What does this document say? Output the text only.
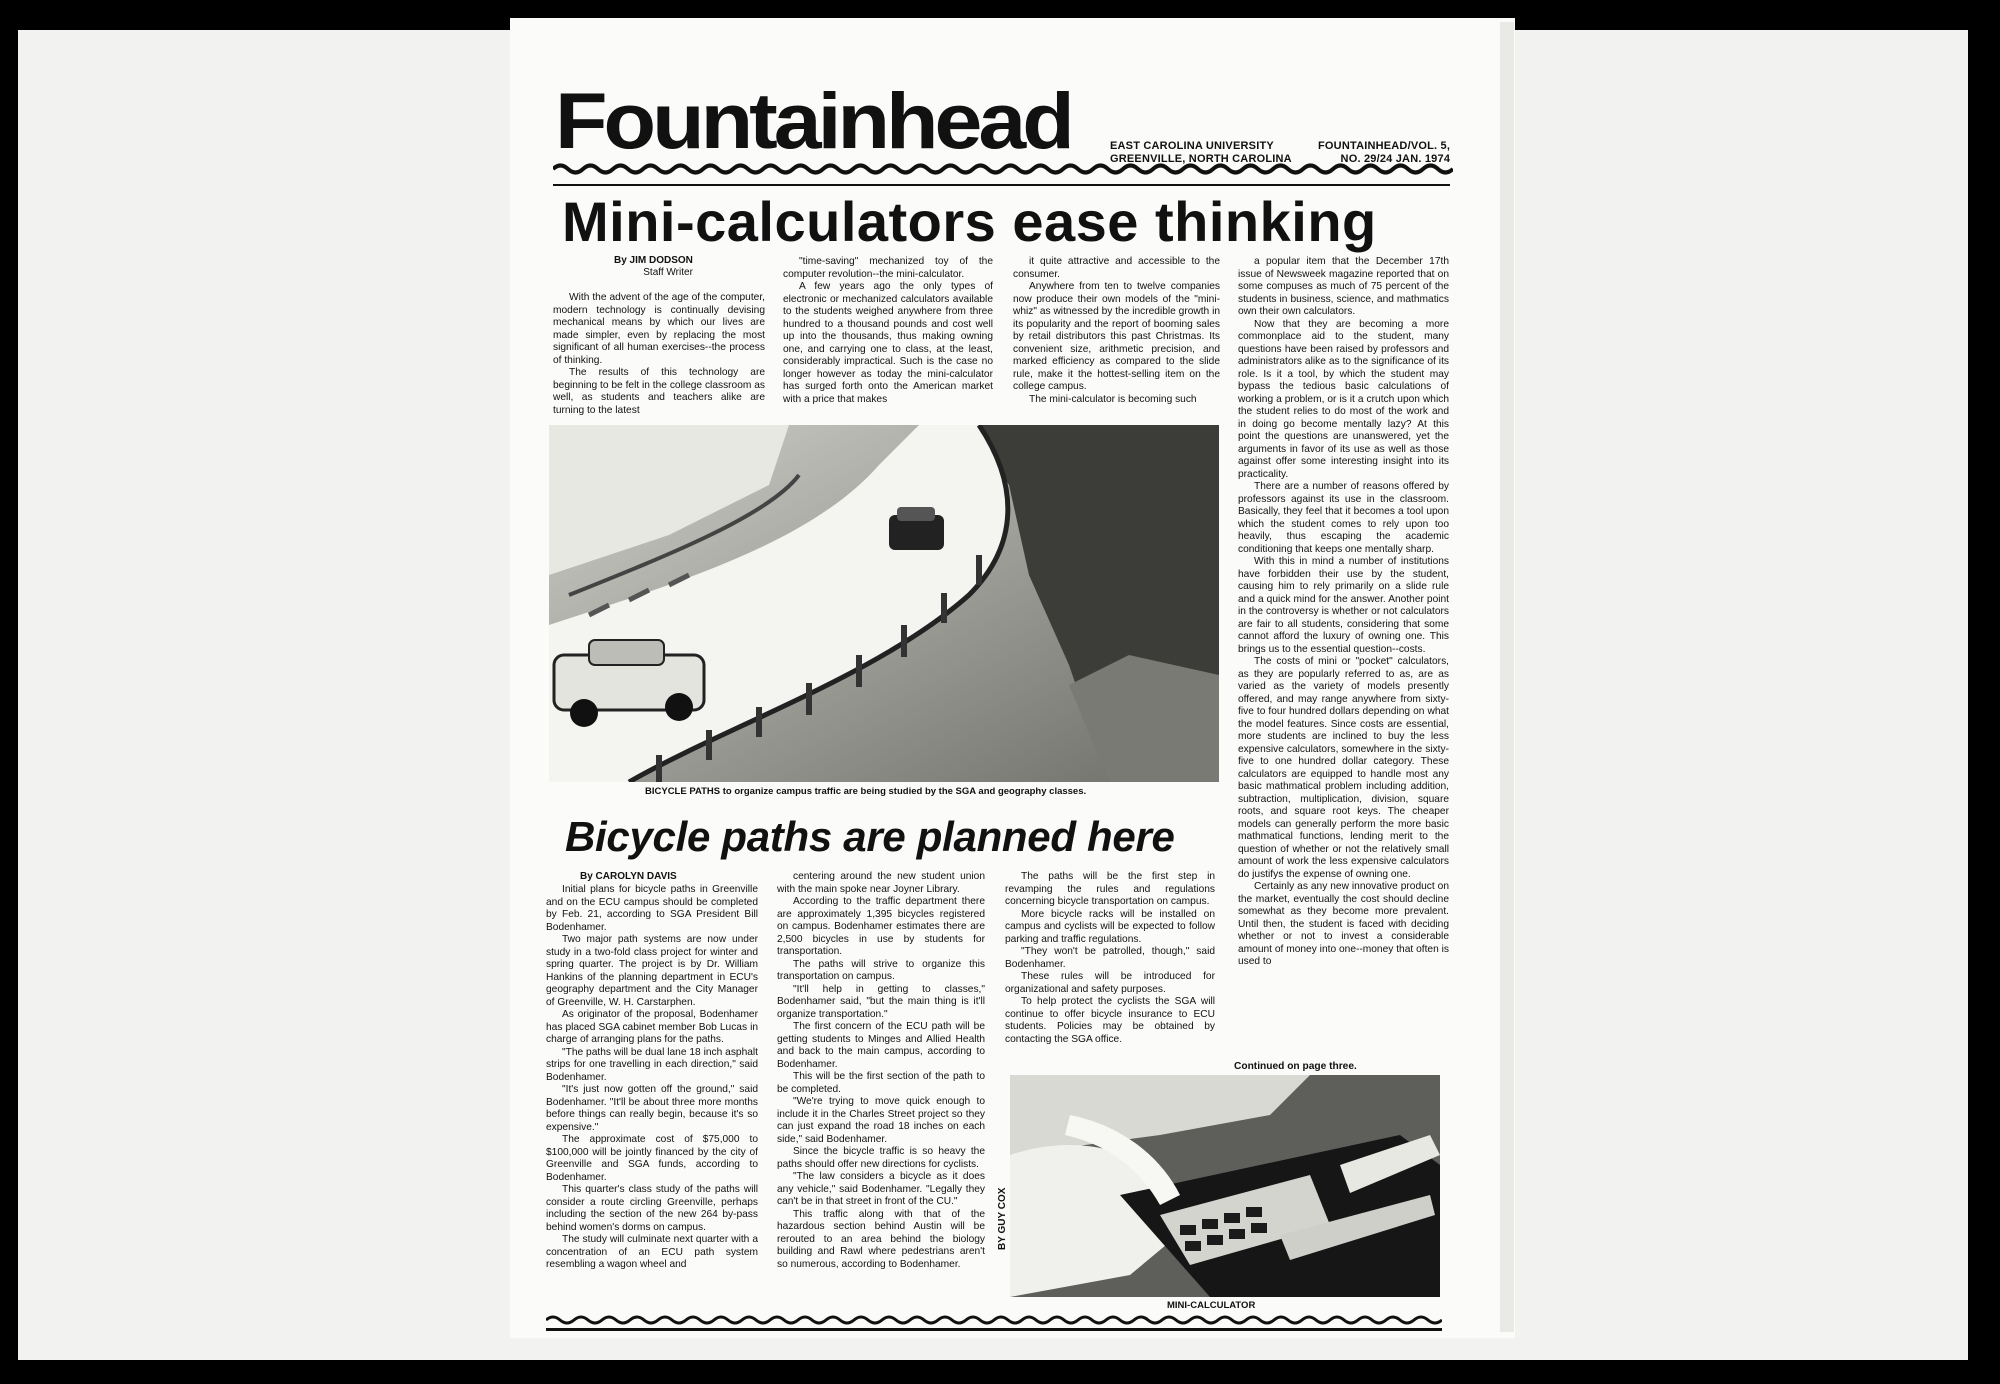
Fountainhead	EAST CAROLINA UNIVERSITY
GREENVILLE, NORTH CAROLINA
FOUNTAINHEAD/VOL. 5,
NO. 29/24 JAN. 1974
Mini-calculators ease thinking
By JIM DODSON
Staff Writer

With the advent of the age of the computer, modern technology is continually devising mechanical means by which our lives are made simpler, even by replacing the most significant of all human exercises--the process of thinking.

The results of this technology are beginning to be felt in the college classroom as well, as students and teachers alike are turning to the latest

"time-saving" mechanized toy of the computer revolution--the mini-calculator.

A few years ago the only types of electronic or mechanized calculators available to the students weighed anywhere from three hundred to a thousand pounds and cost well up into the thousands, thus making owning one, and carrying one to class, at the least, considerably impractical. Such is the case no longer however as today the mini-calculator has surged forth onto the American market with a price that makes

it quite attractive and accessible to the consumer.

Anywhere from ten to twelve companies now produce their own models of the "mini-whiz" as witnessed by the incredible growth in its popularity and the report of booming sales by retail distributors this past Christmas. Its convenient size, arithmetic precision, and marked efficiency as compared to the slide rule, make it the hottest-selling item on the college campus.

The mini-calculator is becoming such

a popular item that the December 17th issue of Newsweek magazine reported that on some compuses as much of 75 percent of the students in business, science, and mathmatics own their own calculators.

Now that they are becoming a more commonplace aid to the student, many questions have been raised by professors and administrators alike as to the significance of its role. Is it a tool, by which the student may bypass the tedious basic calculations of working a problem, or is it a crutch upon which the student relies to do most of the work and in doing go become mentally lazy? At this point the questions are unanswered, yet the arguments in favor of its use as well as those against offer some interesting insight into its practicality.

There are a number of reasons offered by professors against its use in the classroom. Basically, they feel that it becomes a tool upon which the student comes to rely upon too heavily, thus escaping the academic conditioning that keeps one mentally sharp.

With this in mind a number of institutions have forbidden their use by the student, causing him to rely primarily on a slide rule and a quick mind for the answer. Another point in the controversy is whether or not calculators are fair to all students, considering that some cannot afford the luxury of owning one. This brings us to the essential question--costs.

The costs of mini or "pocket" calculators, as they are popularly referred to as, are as varied as the variety of models presently offered, and may range anywhere from sixty-five to four hundred dollars depending on what the model features. Since costs are essential, more students are inclined to buy the less expensive calculators, somewhere in the sixty-five to one hundred dollar category. These calculators are equipped to handle most any basic mathmatical problem including addition, subtraction, multiplication, division, square roots, and square root keys. The cheaper models can generally perform the more basic mathmatical functions, lending merit to the question of whether or not the relatively small amount of work the less expensive calculators do justifys the expense of owning one.

Certainly as any new innovative product on the market, eventually the cost should decline somewhat as they become more prevalent. Until then, the student is faced with deciding whether or not to invest a considerable amount of money into one--money that often is used to

Continued on page three.
BICYCLE PATHS to organize campus traffic are being studied by the SGA and geography classes.
Bicycle paths are planned here
By CAROLYN DAVIS

Initial plans for bicycle paths in Greenville and on the ECU campus should be completed by Feb. 21, according to SGA President Bill Bodenhamer.

Two major path systems are now under study in a two-fold class project for winter and spring quarter. The project is by Dr. William Hankins of the planning department in ECU's geography department and the City Manager of Greenville, W. H. Carstarphen.

As originator of the proposal, Bodenhamer has placed SGA cabinet member Bob Lucas in charge of arranging plans for the paths.

"The paths will be dual lane 18 inch asphalt strips for one travelling in each direction," said Bodenhamer.

"It's just now gotten off the ground," said Bodenhamer. "It'll be about three more months before things can really begin, because it's so expensive."

The approximate cost of $75,000 to $100,000 will be jointly financed by the city of Greenville and SGA funds, according to Bodenhamer.

This quarter's class study of the paths will consider a route circling Greenville, perhaps including the section of the new 264 by-pass behind women's dorms on campus.

The study will culminate next quarter with a concentration of an ECU path system resembling a wagon wheel and

centering around the new student union with the main spoke near Joyner Library.

According to the traffic department there are approximately 1,395 bicycles registered on campus. Bodenhamer estimates there are 2,500 bicycles in use by students for transportation.

The paths will strive to organize this transportation on campus.

"It'll help in getting to classes," Bodenhamer said, "but the main thing is it'll organize transportation."

The first concern of the ECU path will be getting students to Minges and Allied Health and back to the main campus, according to Bodenhamer.

This will be the first section of the path to be completed.

"We're trying to move quick enough to include it in the Charles Street project so they can just expand the road 18 inches on each side," said Bodenhamer.

Since the bicycle traffic is so heavy the paths should offer new directions for cyclists.

"The law considers a bicycle as it does any vehicle," said Bodenhamer. "Legally they can't be in that street in front of the CU."

This traffic along with that of the hazardous section behind Austin will be rerouted to an area behind the biology building and Rawl where pedestrians aren't so numerous, according to Bodenhamer.

The paths will be the first step in revamping the rules and regulations concerning bicycle transportation on campus.

More bicycle racks will be installed on campus and cyclists will be expected to follow parking and traffic regulations.

"They won't be patrolled, though," said Bodenhamer.

These rules will be introduced for organizational and safety purposes.

To help protect the cyclists the SGA will continue to offer bicycle insurance to ECU students. Policies may be obtained by contacting the SGA office.

BY GUY COX
MINI-CALCULATOR
